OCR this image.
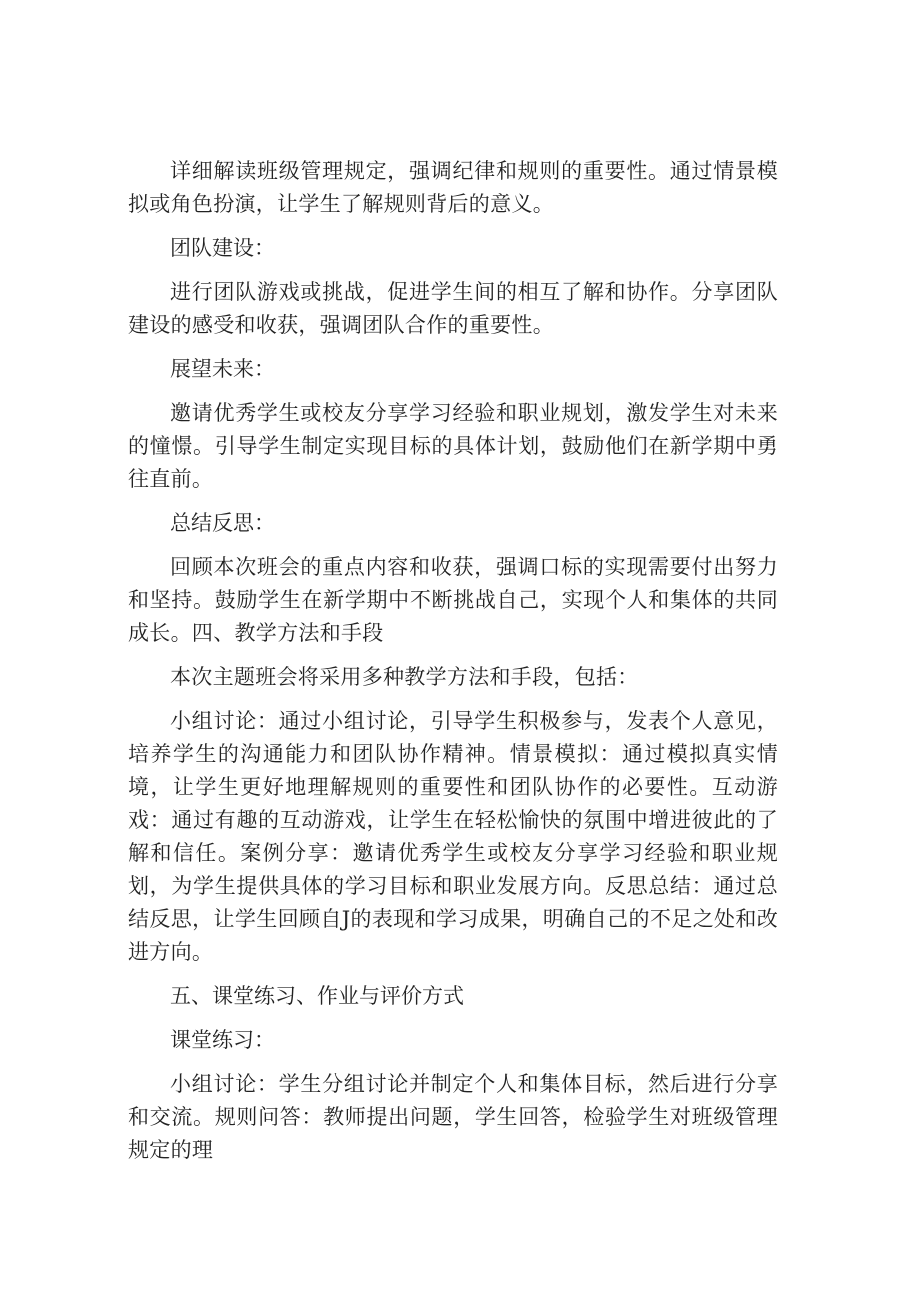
详细解读班级管理规定，强调纪律和规则的重要性。通过情景模拟或角色扮演，让学生了解规则背后的意义。

团队建设：

进行团队游戏或挑战，促进学生间的相互了解和协作。分享团队建设的感受和收获，强调团队合作的重要性。

展望未来：

邀请优秀学生或校友分享学习经验和职业规划，激发学生对未来的憧憬。引导学生制定实现目标的具体计划，鼓励他们在新学期中勇往直前。

总结反思：

回顾本次班会的重点内容和收获，强调口标的实现需要付出努力和坚持。鼓励学生在新学期中不断挑战自己，实现个人和集体的共同成长。四、教学方法和手段

本次主题班会将采用多种教学方法和手段，包括：

小组讨论：通过小组讨论，引导学生积极参与，发表个人意见，培养学生的沟通能力和团队协作精神。情景模拟：通过模拟真实情境，让学生更好地理解规则的重要性和团队协作的必要性。互动游戏：通过有趣的互动游戏，让学生在轻松愉快的氛围中增进彼此的了解和信任。案例分享：邀请优秀学生或校友分享学习经验和职业规划，为学生提供具体的学习目标和职业发展方向。反思总结：通过总结反思，让学生回顾自J的表现和学习成果，明确自己的不足之处和改进方向。

五、课堂练习、作业与评价方式

课堂练习：

小组讨论：学生分组讨论并制定个人和集体目标，然后进行分享和交流。规则问答：教师提出问题，学生回答，检验学生对班级管理规定的理
